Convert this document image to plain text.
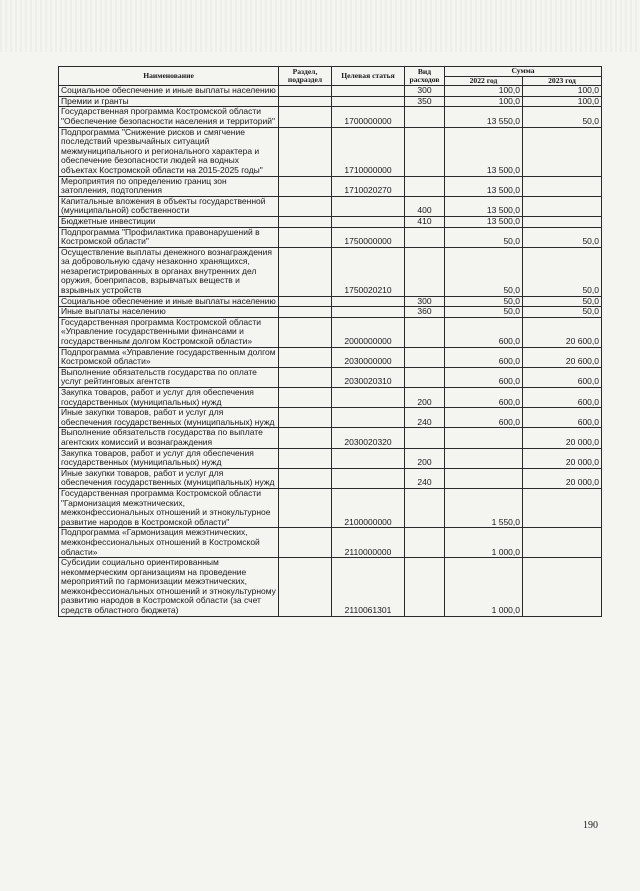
Наименование	Раздел, подраздел	Целевая статья	Вид расходов	Сумма	
				2022 год	2023 год
Социальное обеспечение и иные выплаты населению			300	100,0	100,0
Премии и гранты			350	100,0	100,0
Государственная программа Костромской области "Обеспечение безопасности населения и территорий"		1700000000		13 550,0	50,0
Подпрограмма "Снижение рисков и смягчение последствий чрезвычайных ситуаций межмуниципального и регионального характера и обеспечение безопасности людей на водных объектах Костромской области на 2015-2025 годы"		1710000000		13 500,0	
Мероприятия по определению границ зон затопления, подтопления		1710020270		13 500,0	
Капитальные вложения в объекты государственной (муниципальной) собственности			400	13 500,0	
Бюджетные инвестиции			410	13 500,0	
Подпрограмма "Профилактика правонарушений в Костромской области"		1750000000		50,0	50,0
Осуществление выплаты денежного вознаграждения за добровольную сдачу незаконно хранящихся, незарегистрированных в органах внутренних дел оружия, боеприпасов, взрывчатых веществ и взрывных устройств		1750020210		50,0	50,0
Социальное обеспечение и иные выплаты населению			300	50,0	50,0
Иные выплаты населению			360	50,0	50,0
Государственная программа Костромской области «Управление государственными финансами и государственным долгом Костромской области»		2000000000		600,0	20 600,0
Подпрограмма «Управление государственным долгом Костромской области»		2030000000		600,0	20 600,0
Выполнение обязательств государства по оплате услуг рейтинговых агентств		2030020310		600,0	600,0
Закупка товаров, работ и услуг для обеспечения государственных (муниципальных) нужд			200	600,0	600,0
Иные закупки товаров, работ и услуг для обеспечения государственных (муниципальных) нужд			240	600,0	600,0
Выполнение обязательств государства по выплате агентских комиссий и вознаграждения		2030020320			20 000,0
Закупка товаров, работ и услуг для обеспечения государственных (муниципальных) нужд			200		20 000,0
Иные закупки товаров, работ и услуг для обеспечения государственных (муниципальных) нужд			240		20 000,0
Государственная программа Костромской области "Гармонизация межэтнических, межконфессиональных отношений и этнокультурное развитие народов в Костромской области"		2100000000		1 550,0	
Подпрограмма «Гармонизация межэтнических, межконфессиональных отношений в Костромской области»		2110000000		1 000,0	
Субсидии социально ориентированным некоммерческим организациям на проведение мероприятий по гармонизации межэтнических, межконфессиональных отношений и этнокультурному развитию народов в Костромской области (за счет средств областного бюджета)		2110061301		1 000,0	
190
